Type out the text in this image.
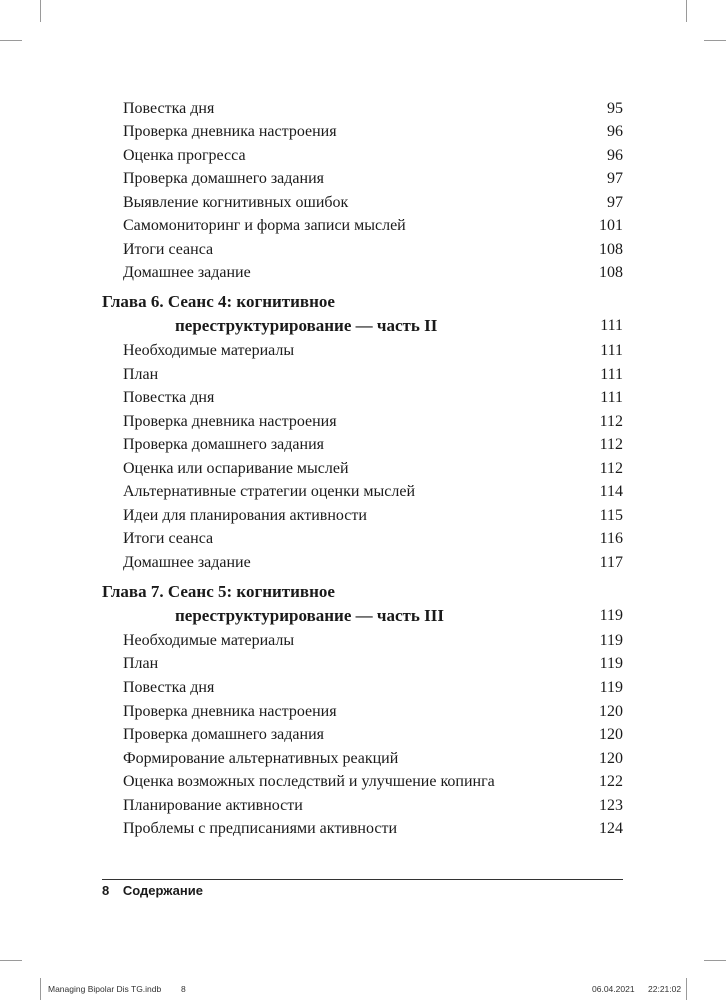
Повестка дня	95
Проверка дневника настроения	96
Оценка прогресса	96
Проверка домашнего задания	97
Выявление когнитивных ошибок	97
Самомониторинг и форма записи мыслей	101
Итоги сеанса	108
Домашнее задание	108
Глава 6. Сеанс 4: когнитивное
переструктурирование — часть II	111
Необходимые материалы	111
План	111
Повестка дня	111
Проверка дневника настроения	112
Проверка домашнего задания	112
Оценка или оспаривание мыслей	112
Альтернативные стратегии оценки мыслей	114
Идеи для планирования активности	115
Итоги сеанса	116
Домашнее задание	117
Глава 7. Сеанс 5: когнитивное
переструктурирование — часть III	119
Необходимые материалы	119
План	119
Повестка дня	119
Проверка дневника настроения	120
Проверка домашнего задания	120
Формирование альтернативных реакций	120
Оценка возможных последствий и улучшение копинга	122
Планирование активности	123
Проблемы с предписаниями активности	124
8 Содержание
Managing Bipolar Dis TG.indb 8	06.04.2021 22:21:02
